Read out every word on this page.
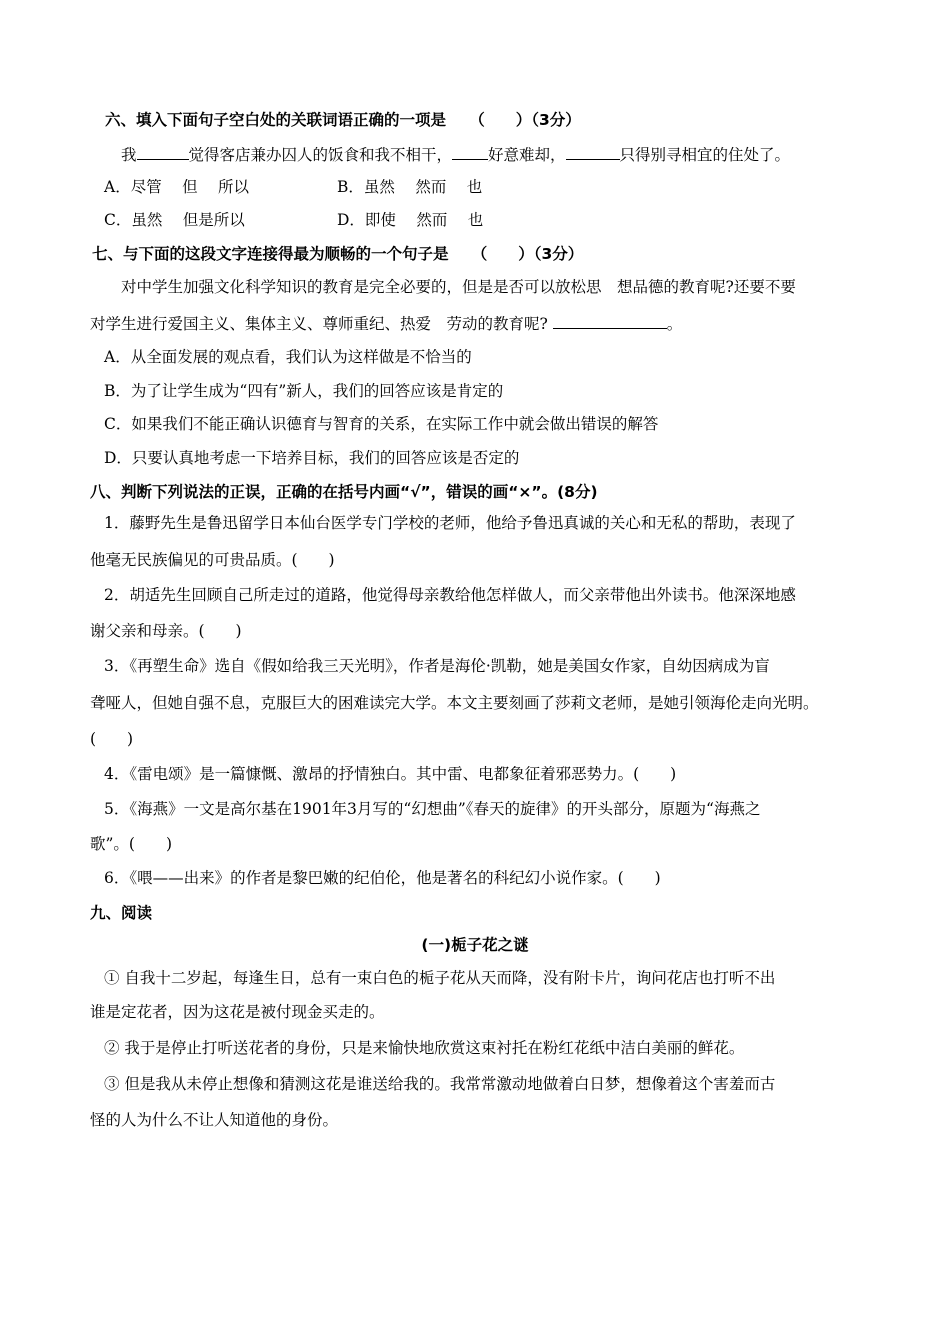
六、填入下面句子空白处的关联词语正确的一项是　　（　　）（3分）
我	觉得客店兼办囚人的饭食和我不相干， 好意难却，	只得别寻相宜的住处了。
A．尽管　 但　 所以	B．虽然　 然而　 也
C．虽然　 但是所以	D．即使　 然而　 也
七、与下面的这段文字连接得最为顺畅的一个句子是　　（　　）（3分）
对中学生加强文化科学知识的教育是完全必要的，但是是否可以放松思　想品德的教育呢?还要不要
对学生进行爱国主义、集体主义、尊师重纪、热爱　劳动的教育呢?	。
A．从全面发展的观点看，我们认为这样做是不恰当的
B．为了让学生成为“四有”新人，我们的回答应该是肯定的
C．如果我们不能正确认识德育与智育的关系，在实际工作中就会做出错误的解答
D．只要认真地考虑一下培养目标，我们的回答应该是否定的
八、判断下列说法的正误，正确的在括号内画“√”，错误的画“×”。(8分)
1．藤野先生是鲁迅留学日本仙台医学专门学校的老师，他给予鲁迅真诚的关心和无私的帮助，表现了
他毫无民族偏见的可贵品质。(　　)
2．胡适先生回顾自己所走过的道路，他觉得母亲教给他怎样做人，而父亲带他出外读书。他深深地感
谢父亲和母亲。(　　)
3．《再塑生命》选自《假如给我三天光明》，作者是海伦·凯勒，她是美国女作家，自幼因病成为盲
聋哑人，但她自强不息，克服巨大的困难读完大学。本文主要刻画了莎莉文老师，是她引领海伦走向光明。
(　　)
4．《雷电颂》是一篇慷慨、激昂的抒情独白。其中雷、电都象征着邪恶势力。(　　)
5．《海燕》一文是高尔基在1901年3月写的“幻想曲”《春天的旋律》的开头部分，原题为“海燕之
歌”。(　　)
6．《喂——出来》的作者是黎巴嫩的纪伯伦，他是著名的科纪幻小说作家。(　　)
九、阅读
(一)栀子花之谜
① 自我十二岁起，每逢生日，总有一束白色的栀子花从天而降，没有附卡片，询问花店也打听不出
谁是定花者，因为这花是被付现金买走的。
② 我于是停止打听送花者的身份，只是来愉快地欣赏这束衬托在粉红花纸中洁白美丽的鲜花。
③ 但是我从未停止想像和猜测这花是谁送给我的。我常常激动地做着白日梦，想像着这个害羞而古
怪的人为什么不让人知道他的身份。
